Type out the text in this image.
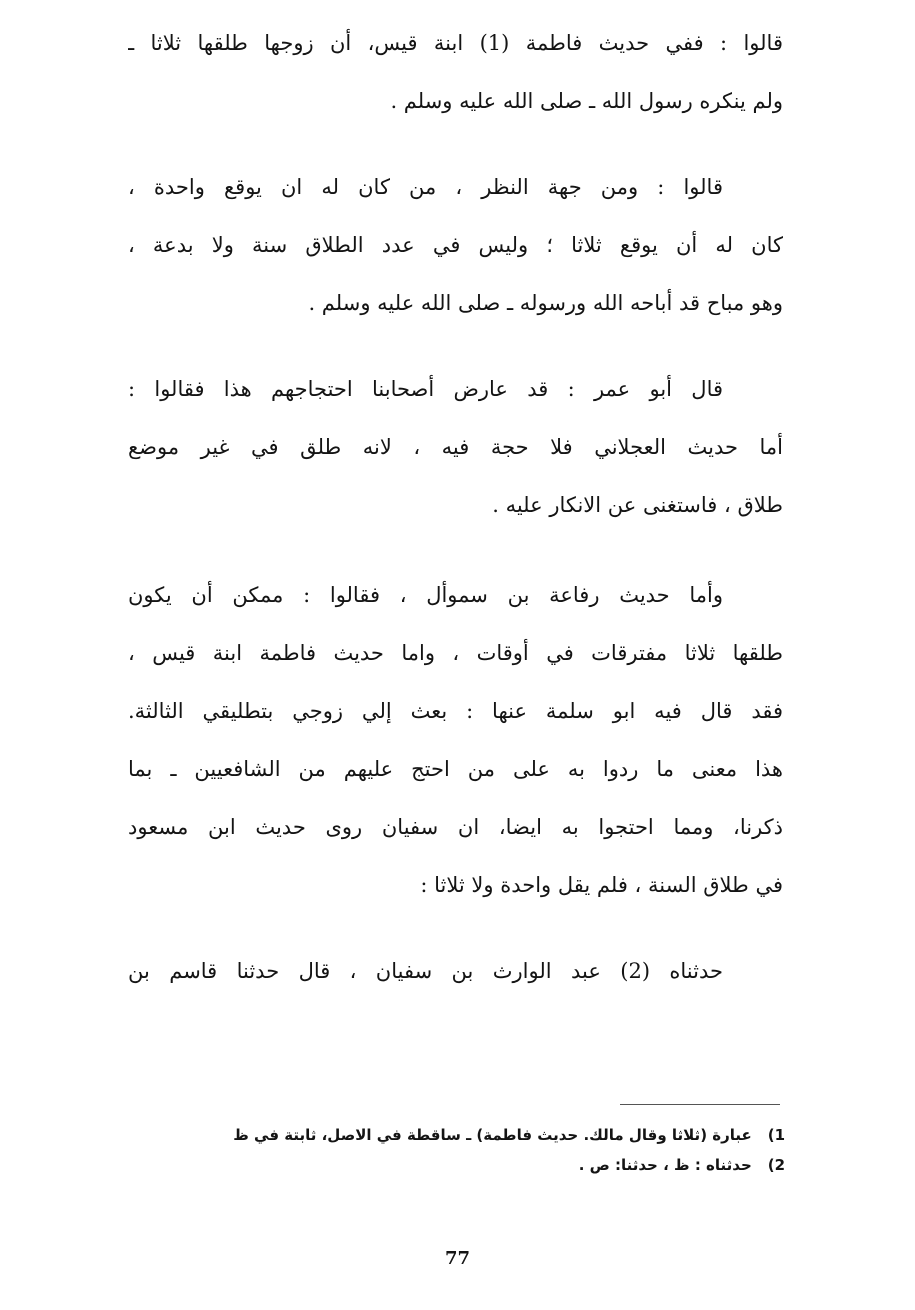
قالوا : ففي حديث فاطمة (1) ابنة قيس، أن زوجها طلقها ثلاثا ـ
ولم ينكره رسول الله ـ صلى الله عليه وسلم .

قالوا : ومن جهة النظر ، من كان له ان يوقع واحدة ،
كان له أن يوقع ثلاثا ؛ وليس في عدد الطلاق سنة ولا بدعة ،
وهو مباح قد أباحه الله ورسوله ـ صلى الله عليه وسلم .

قال أبو عمر : قد عارض أصحابنا احتجاجهم هذا فقالوا :
أما حديث العجلاني فلا حجة فيه ، لانه طلق في غير موضع
طلاق ، فاستغنى عن الانكار عليه .

وأما حديث رفاعة بن سموأل ، فقالوا : ممكن أن يكون
طلقها ثلاثا مفترقات في أوقات ، واما حديث فاطمة ابنة قيس ،
فقد قال فيه ابو سلمة عنها : بعث إلي زوجي بتطليقي الثالثة.
هذا معنى ما ردوا به على من احتج عليهم من الشافعيين ـ بما
ذكرنا، ومما احتجوا به ايضا، ان سفيان روى حديث ابن مسعود
في طلاق السنة ، فلم يقل واحدة ولا ثلاثا :

حدثناه (2) عبد الوارث بن سفيان ، قال حدثنا قاسم بن

1) عبارة (ثلاثا وقال مالك. حديث فاطمة) ـ ساقطة في الاصل، ثابتة في ظ
2) حدثناه : ظ ، حدثنا: ص .
77
